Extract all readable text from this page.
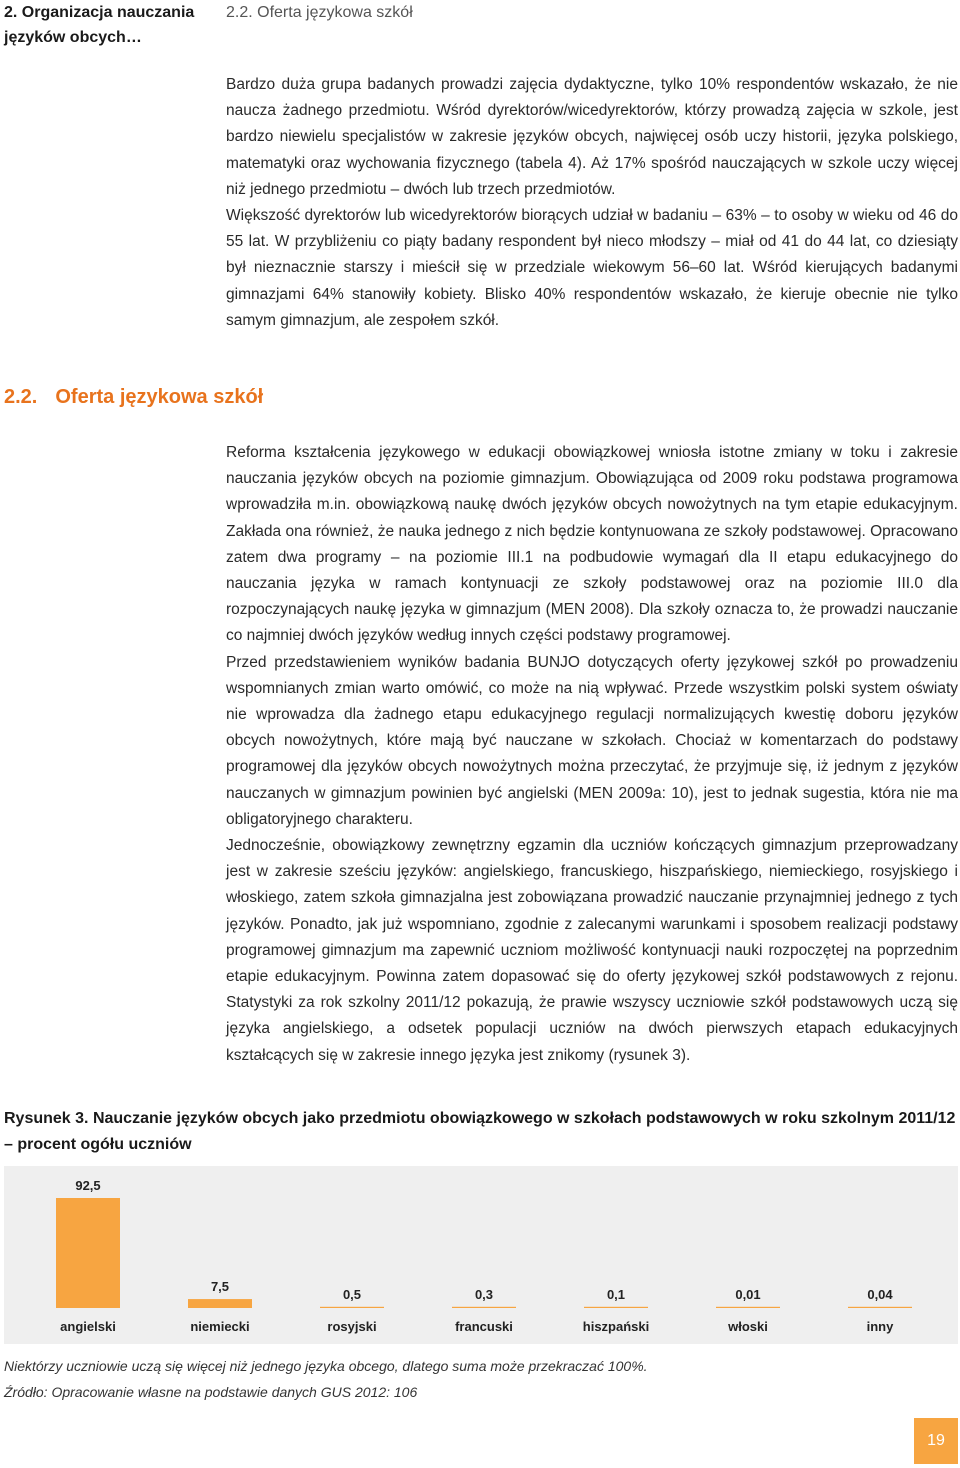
2. Organizacja nauczania języków obcych…
2.2. Oferta językowa szkół

Bardzo duża grupa badanych prowadzi zajęcia dydaktyczne, tylko 10% respondentów wskazało, że nie naucza żadnego przedmiotu. Wśród dyrektorów/wicedyrektorów, którzy prowadzą zajęcia w szkole, jest bardzo niewielu specjalistów w zakresie języków obcych, najwięcej osób uczy historii, języka polskiego, matematyki oraz wychowania fizycznego (tabela 4). Aż 17% spośród nauczających w szkole uczy więcej niż jednego przedmiotu – dwóch lub trzech przedmiotów.

Większość dyrektorów lub wicedyrektorów biorących udział w badaniu – 63% – to osoby w wieku od 46 do 55 lat. W przybliżeniu co piąty badany respondent był nieco młodszy – miał od 41 do 44 lat, co dziesiąty był nieznacznie starszy i mieścił się w przedziale wiekowym 56–60 lat. Wśród kierujących badanymi gimnazjami 64% stanowiły kobiety. Blisko 40% respondentów wskazało, że kieruje obecnie nie tylko samym gimnazjum, ale zespołem szkół.

2.2. Oferta językowa szkół

Reforma kształcenia językowego w edukacji obowiązkowej wniosła istotne zmiany w toku i zakresie nauczania języków obcych na poziomie gimnazjum. Obowiązująca od 2009 roku podstawa programowa wprowadziła m.in. obowiązkową naukę dwóch języków obcych nowożytnych na tym etapie edukacyjnym. Zakłada ona również, że nauka jednego z nich będzie kontynuowana ze szkoły podstawowej. Opracowano zatem dwa programy – na poziomie III.1 na podbudowie wymagań dla II etapu edukacyjnego do nauczania języka w ramach kontynuacji ze szkoły podstawowej oraz na poziomie III.0 dla rozpoczynających naukę języka w gimnazjum (MEN 2008). Dla szkoły oznacza to, że prowadzi nauczanie co najmniej dwóch języków według innych części podstawy programowej.

Przed przedstawieniem wyników badania BUNJO dotyczących oferty językowej szkół po prowadzeniu wspomnianych zmian warto omówić, co może na nią wpływać. Przede wszystkim polski system oświaty nie wprowadza dla żadnego etapu edukacyjnego regulacji normalizujących kwestię doboru języków obcych nowożytnych, które mają być nauczane w szkołach. Chociaż w komentarzach do podstawy programowej dla języków obcych nowożytnych można przeczytać, że przyjmuje się, iż jednym z języków nauczanych w gimnazjum powinien być angielski (MEN 2009a: 10), jest to jednak sugestia, która nie ma obligatoryjnego charakteru.

Jednocześnie, obowiązkowy zewnętrzny egzamin dla uczniów kończących gimnazjum przeprowadzany jest w zakresie sześciu języków: angielskiego, francuskiego, hiszpańskiego, niemieckiego, rosyjskiego i włoskiego, zatem szkoła gimnazjalna jest zobowiązana prowadzić nauczanie przynajmniej jednego z tych języków. Ponadto, jak już wspomniano, zgodnie z zalecanymi warunkami i sposobem realizacji podstawy programowej gimnazjum ma zapewnić uczniom możliwość kontynuacji nauki rozpoczętej na poprzednim etapie edukacyjnym. Powinna zatem dopasować się do oferty językowej szkół podstawowych z rejonu. Statystyki za rok szkolny 2011/12 pokazują, że prawie wszyscy uczniowie szkół podstawowych uczą się języka angielskiego, a odsetek populacji uczniów na dwóch pierwszych etapach edukacyjnych kształcących się w zakresie innego języka jest znikomy (rysunek 3).

Rysunek 3. Nauczanie języków obcych jako przedmiotu obowiązkowego w szkołach podstawowych w roku szkolnym 2011/12 – procent ogółu uczniów
92,5
angielski
7,5
niemiecki
0,5
rosyjski
0,3
francuski
0,1
hiszpański
0,01
włoski
0,04
inny
Niektórzy uczniowie uczą się więcej niż jednego języka obcego, dlatego suma może przekraczać 100%.
Źródło: Opracowanie własne na podstawie danych GUS 2012: 106
19
